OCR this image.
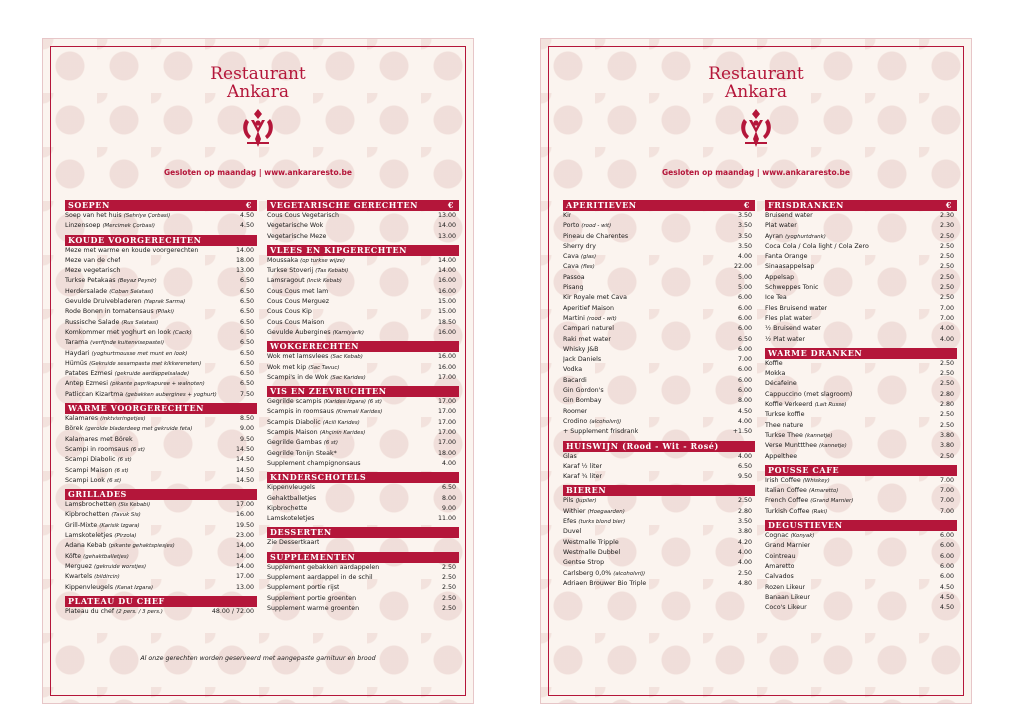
Restaurant
Ankara
Gesloten op maandag | www.ankararesto.be
SOEPEN	€
Soep van het huis (Sehriye Çorbasi)	4.50
Linzensoep (Mercimek Çorbasi)	4.50
KOUDE VOORGERECHTEN
Meze met warme en koude voorgerechten	14.00
Meze van de chef	18.00
Meze vegetarisch	13.00
Turkse Petakaas (Beyaz Peynir)	6.50
Herdersalade (Coban Salatasi)	6.50
Gevulde Druivebladeren (Yaprak Sarma)	6.50
Rode Bonen in tomatensaus (Pilaki)	6.50
Russische Salade (Rus Salatasi)	6.50
Komkommer met yoghurt en look (Cacik)	6.50
Tarama (verfijnde kuitenvisepastei)	6.50
Haydari (yoghurtmousse met munt en look)	6.50
Hümüs (Gekruide sesampasta met kikkererwten)	6.50
Patates Ezmesi (gekruide aardappelsalade)	6.50
Antep Ezmesi (pikante paprikapuree + walnoten)	6.50
Patliccan Kizartma (gebakken aubergines + yoghurt)	7.50
WARME VOORGERECHTEN
Kalamares (inktvisringetjes)	8.50
Börek (gerolde bladerdeeg met gekruide feta)	9.00
Kalamares met Börek	9.50
Scampi in roomsaus (6 st)	14.50
Scampi Diabolic (6 st)	14.50
Scampi Maison (6 st)	14.50
Scampi Look (6 st)	14.50
GRILLADES
Lamsbrochetten (Sis Kebabi)	17.00
Kipbrochetten (Tavuk Sis)	16.00
Grill-Mixte (Karisik Izgara)	19.50
Lamskoteletjes (Pirzola)	23.00
Adana Kebab (pikante gehaktspiesjes)	14.00
Köfte (gehaktballetjes)	14.00
Merguez (gekruide worstjes)	14.00
Kwartels (bildircin)	17.00
Kippenvleugels (Kanat Izgara)	13.00
PLATEAU DU CHEF
Plateau du chef (2 pers. / 3 pers.)	48.00 / 72.00
VEGETARISCHE GERECHTEN	€
Cous Cous Vegetarisch	13.00
Vegetarische Wok	14.00
Vegetarische Meze	13.00
VLEES EN KIPGERECHTEN
Moussaka (op turkse wijze)	14.00
Turkse Stoverij (Tas Kebabi)	14.00
Lamsragout (Incik Kebab)	16.00
Cous Cous met lam	16.00
Cous Cous Merguez	15.00
Cous Cous Kip	15.00
Cous Cous Maison	18.50
Gevulde Aubergines (Karniyarik)	16.00
WOKGERECHTEN
Wok met lamsvlees (Sac Kebab)	16.00
Wok met kip (Sac Tavuc)	16.00
Scampi's in de Wok (Sac Karides)	17.00
VIS EN ZEEVRUCHTEN
Gegrilde scampis (Karides Izgara) (6 st)	17.00
Scampis in roomsaus (Kremali Karides)	17.00
Scampis Diabolic (Acili Karides)	17.00
Scampis Maison (Ahçinin Karides)	17.00
Gegrilde Gambas (6 st)	17.00
Gegrilde Tonijn Steak*	18.00
Supplement champignonsaus	4.00
KINDERSCHOTELS
Kippenvleugels	6.50
Gehaktballetjes	8.00
Kipbrochette	9.00
Lamskoteletjes	11.00
DESSERTEN
Zie Dessertkaart
SUPPLEMENTEN
Supplement gebakken aardappelen	2.50
Supplement aardappel in de schil	2.50
Supplement portie rijst	2.50
Supplement portie groenten	2.50
Supplement warme groenten	2.50
Al onze gerechten worden geserveerd met aangepaste garnituur en brood
Restaurant
Ankara
Gesloten op maandag | www.ankararesto.be
APERITIEVEN	€
Kir	3.50
Porto (rood - wit)	3.50
Pineau de Charentes	3.50
Sherry dry	3.50
Cava (glas)	4.00
Cava (fles)	22.00
Passoa	5.00
Pisang	5.00
Kir Royale met Cava	6.00
Aperitief Maison	6.00
Martini (rood - wit)	6.00
Campari naturel	6.00
Raki met water	6.50
Whisky J&B	6.00
Jack Daniels	7.00
Vodka	6.00
Bacardi	6.00
Gin Gordon's	6.00
Gin Bombay	8.00
Roomer	4.50
Crodino (alcoholvrij)	4.00
+ Supplement frisdrank	+1.50
HUISWIJN (Rood - Wit - Rosé)
Glas	4.00
Karaf ½ liter	6.50
Karaf ¾ liter	9.50
BIEREN
Pils (Jupiler)	2.50
Withier (Hoegaarden)	2.80
Efes (turks blond bier)	3.50
Duvel	3.80
Westmalle Tripple	4.20
Westmalle Dubbel	4.00
Gentse Strop	4.00
Carlsberg 0,0% (alcoholvrij)	2.50
Adriaen Brouwer Bio Triple	4.80
FRISDRANKEN	€
Bruisend water	2.30
Plat water	2.30
Ayran (yoghurtdrank)	2.50
Coca Cola / Cola light / Cola Zero	2.50
Fanta Orange	2.50
Sinaasappelsap	2.50
Appelsap	2.50
Schweppes Tonic	2.50
Ice Tea	2.50
Fles Bruisend water	7.00
Fles plat water	7.00
½ Bruisend water	4.00
½ Plat water	4.00
WARME DRANKEN
Koffie	2.50
Mokka	2.50
Décafeine	2.50
Cappuccino (met slagroom)	2.80
Koffie Verkeerd (Lait Russe)	2.80
Turkse koffie	2.50
Thee nature	2.50
Turkse Thee (kannetje)	3.80
Verse Munttthee (kannetje)	3.80
Appelthee	2.50
POUSSE CAFE
Irish Coffee (Whiskey)	7.00
Italian Coffee (Amaretto)	7.00
French Coffee (Grand Marnier)	7.00
Turkish Coffee (Raki)	7.00
DEGUSTIEVEN
Cognac (Konyak)	6.00
Grand Marnier	6.00
Cointreau	6.00
Amaretto	6.00
Calvados	6.00
Rozen Likeur	4.50
Banaan Likeur	4.50
Coco's Likeur	4.50
